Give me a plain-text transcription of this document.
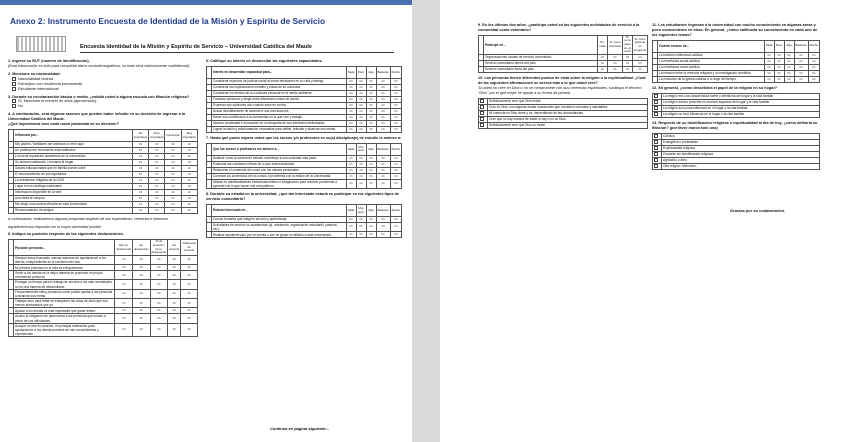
Anexo 2: Instrumento Encuesta de Identidad de la Misión y Espíritu de Servicio
Encuesta Identidad de la Misión y Espíritu de Servicio – Universidad Católica del Maule
1. Ingrese su RUT (número de identificación).
(Esta información es sólo para completar datos sociodemográficos, su trato será estrictamente confidencial)
2. Mencione su nacionalidad:
Nacionalidad chilena
Extranjero con residencia permanente
Estudiante internacional
3. Durante su escolarización básica o media, ¿estidió usted a alguna escuela con filiación religiosa?
Sí. Mencione el número de años (aproximado):
No
4. A continuación, será algunas razones que pueden haber influido en su decisión de ingresar a la Universidad Católica del Maule.
¿Qué importancia tuvo cada razón planteada en su decisión?
	Influencia por...	No importante	Poco importante	Importante	Muy importante
	Mis padres / familiares me animaron a venir aquí	Ch	Ch	Ch	Ch
	Un profesor me recomendó esta institución	Ch	Ch	Ch	Ch
	La buena reputación académica de la universidad	Ch	Ch	Ch	Ch
	Su buena localización / cercanía al hogar	Ch	Ch	Ch	Ch
	Gastos educacionales que mi familia puede cubrir	Ch	Ch	Ch	Ch
	El reconocimiento de sus egresados	Ch	Ch	Ch	Ch
	La orientación religiosa de la UCM	Ch	Ch	Ch	Ch
	Lugar en los rankings nacionales	Ch	Ch	Ch	Ch
	Información disponible en la web	Ch	Ch	Ch	Ch
	Una visita al campus	Ch	Ch	Ch	Ch
	Me atrajo una carrera ofrecida en esta Universidad	Ch	Ch	Ch	Ch
	Recomendación de amigos	Ch	Ch	Ch	Ch
A continuación, realizaremos algunas preguntas respecto de sus expectativas, creencias e intereses.
Agradeceremos responda con la mayor sinceridad posible.
5. Indique su posición respecto de las siguientes declaraciones.
	Posición personal...	Muy en desacuerdo	En desacuerdo	Ni de acuerdo / Ni en desacuerdo	De acuerdo	Totalmente de acuerdo
	Siempre estoy buscando nuevas maneras de ayudar/servir a los demás, independiente de la condición del otro.	Ch	Ch	Ch	Ch	Ch
	Mi primera prioridad en la vida es enriquecerme.	Ch	Ch	Ch	Ch	Ch
	Servir a los demás es la mejor manera de promover mi propio crecimiento personal.	Ch	Ch	Ch	Ch	Ch
	Entregar un tiempo para el trabajo de servicio a los más necesitados, no es una manera de desarrollarse.	Ch	Ch	Ch	Ch	Ch
	Frecuentemente estoy pensando cómo puedo ayudar a las personas a alcanzar sus metas.	Ch	Ch	Ch	Ch	Ch
	Trabajar duro para tratar de enriquecer las vidas de otros qué son menos afortunados que yo.	Ch	Ch	Ch	Ch	Ch
	Ayudar a los demás es más importante que ganar dinero.	Ch	Ch	Ch	Ch	Ch
	Asumo la obligación de aprovechar a las personas que luchan a pesar de sus dificultades.	Ch	Ch	Ch	Ch	Ch
	Aunque no sea mi posición, mi principal motivación para ayudar/servir a los demás proviene de mis conocimientos y experiencias.	Ch	Ch	Ch	Ch	Ch
6. Califique su interés en desarrollar las siguientes capacidades.
	Interés en desarrollar capacidad para...	Nada	Poco	Algo	Bastante	Mucho
	Considerar aspectos de justicia social al tomar decisiones en su vida y trabajo.	Ch	Ch	Ch	Ch	Ch
	Considerar las implicaciones morales y éticas de su conducta.	Ch	Ch	Ch	Ch	Ch
	Considerar los efectos de su conducta personal en el medio ambiente.	Ch	Ch	Ch	Ch	Ch
	Formular opiniones y elegir entre diferentes cursos de acción.	Ch	Ch	Ch	Ch	Ch
	Expresar sus opiniones aún cuando sean en contra.	Ch	Ch	Ch	Ch	Ch
	Actuar decididamente de acuerdo a sus convicciones.	Ch	Ch	Ch	Ch	Ch
	Hacer una contribución a la comunidad en la que vive y trabaja.	Ch	Ch	Ch	Ch	Ch
	Mostrar creatividad e innovación en la búsqueda de sus intereses intelectuales.	Ch	Ch	Ch	Ch	Ch
	Lograr la visión y autoformación necesarias para definir, articular y alcanzar sus metas.	Ch	Ch	Ch	Ch	Ch
7. Hasta qué punto espera usted que los cursos y/o profesores en su(s) disciplina(s) de estudio le animen a:
	Que los cursos o profesores me animen a...	Nada	Muy poco	Algo	Bastante	Mucho
	Analizar cómo la carrera de estudio contribuye a una sociedad más justa.	Ch	Ch	Ch	Ch	Ch
	Examinar las cuestiones éticas de lo que está estudiando.	Ch	Ch	Ch	Ch	Ch
	Relacionar el contenido del curso con los valores personales.	Ch	Ch	Ch	Ch	Ch
	Conectar los contenidos de los cursos a problemas con la misión de la Universidad.	Ch	Ch	Ch	Ch	Ch
	Utilizar mi habilidad/talento intelectual/creativo e imaginación para resolver problemas a aprender de lo que hacen mis compañeros.	Ch	Ch	Ch	Ch	Ch
8. Durante su estadía en la universidad, ¿qué tan interesado estaría en participar en los siguientes tipos de servicio comunitario?
	Estaría interesado en...	Nada	Muy poco	Algo	Bastante	Mucho
	Cursos formales que integren servicio y aprendizaje.	Ch	Ch	Ch	Ch	Ch
	Actividades de servicio no académicas (ej. residencia, organización estudiantil, pastoral, etc.).	Ch	Ch	Ch	Ch	Ch
	Realizar ayuda/servicio por mi cuenta o con un grupo no afiliado a esta universidad.	Ch	Ch	Ch	Ch	Ch
Continúa en página siguiente...
9. En los últimos dos años, ¿participó usted en las siguientes actividades de servicio a la comunidad como voluntario?
	Participé en...	No, nada	Sí, como voluntario	Sí, como parte de un curso	Sí, como parte de un programa
	Organizaciones locales de servicio comunitario	Ch	Ch	Ch	Ch
	Servicio comunitario dentro del país	Ch	Ch	Ch	Ch
	Servicio comunitario fuera del país	Ch	Ch	Ch	Ch
10. Las personas tienen diferentes puntos de vista sobre la religión o la espiritualidad. ¿Cuál de las siguientes afirmaciones se acerca más a lo que usted cree?
Si usted no cree en Dios o no se compromete con sus creencias espirituales, sustituya el término "Dios" por el que mejor se ajuste a su forma de pensar.
	Definitivamente creo que Dios existe
	Creo en Dios, con algunas dudas ocasionales que considero normales y saludables
	Mi creencia en Dios viene y va, dependiendo de las circunstancias
	Creo que no hay manera de saber si hay o no un Dios
	Definitivamente creo que Dios no existe
11. Los estudiantes ingresan a la universidad con mucho conocimiento en algunas áreas y poco conocimiento en otras. En general, ¿cómo calificaría su conocimiento en cada uno de los siguientes temas?
	Cuánto conoce de...	Nada	Poco	Algo	Bastante	Mucho
	La tradición intelectual católica	Ch	Ch	Ch	Ch	Ch
	La enseñanza social católica	Ch	Ch	Ch	Ch	Ch
	La enseñanza moral católica	Ch	Ch	Ch	Ch	Ch
	La relación entre la creencia religiosa y la investigación científica	Ch	Ch	Ch	Ch	Ch
	La evolución de la iglesia católica a lo largo del tiempo	Ch	Ch	Ch	Ch	Ch
12. En general, ¿cómo describiría el papel de la religión en su hogar?
	La religión era una característica fuerte y definitoria del hogar y la vida familiar
	La religión estuvo presente en muchos aspectos del hogar y la vida familiar
	La religión tuvo poca influencia en el hogar o la vida familiar
	La religión no tuvo influencia en el hogar o la vida familiar
13. Respecto de su identificación religiosa o espiritualidad al día de hoy, ¿cómo definiría su filiación? (por favor marca solo una)
	Católica
	Evangélica o protestante
	Espiritualidad religiosa
	Creyente sin identificación religiosa
	Agnóstico o ateo
	Otra religión. Mencione:
Gracias por su colaboración.
